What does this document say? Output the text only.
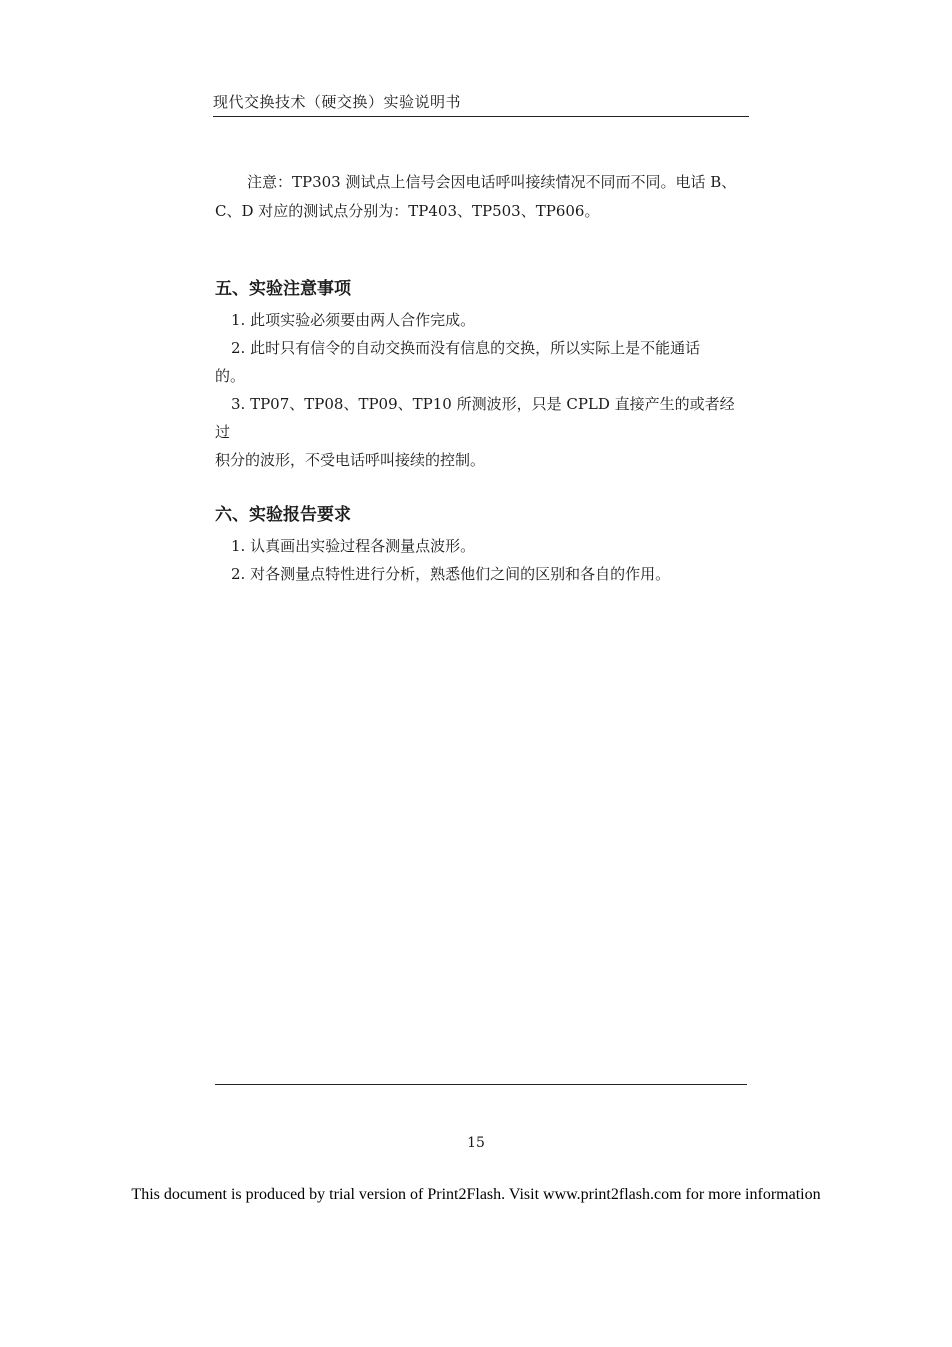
现代交换技术（硬交换）实验说明书
注意：TP303 测试点上信号会因电话呼叫接续情况不同而不同。电话 B、
C、D 对应的测试点分别为：TP403、TP503、TP606。
五、实验注意事项
1. 此项实验必须要由两人合作完成。
2. 此时只有信令的自动交换而没有信息的交换，所以实际上是不能通话
的。
3. TP07、TP08、TP09、TP10 所测波形，只是 CPLD 直接产生的或者经过
积分的波形，不受电话呼叫接续的控制。
六、实验报告要求
1. 认真画出实验过程各测量点波形。
2. 对各测量点特性进行分析，熟悉他们之间的区别和各自的作用。
15
This document is produced by trial version of Print2Flash. Visit www.print2flash.com for more information
